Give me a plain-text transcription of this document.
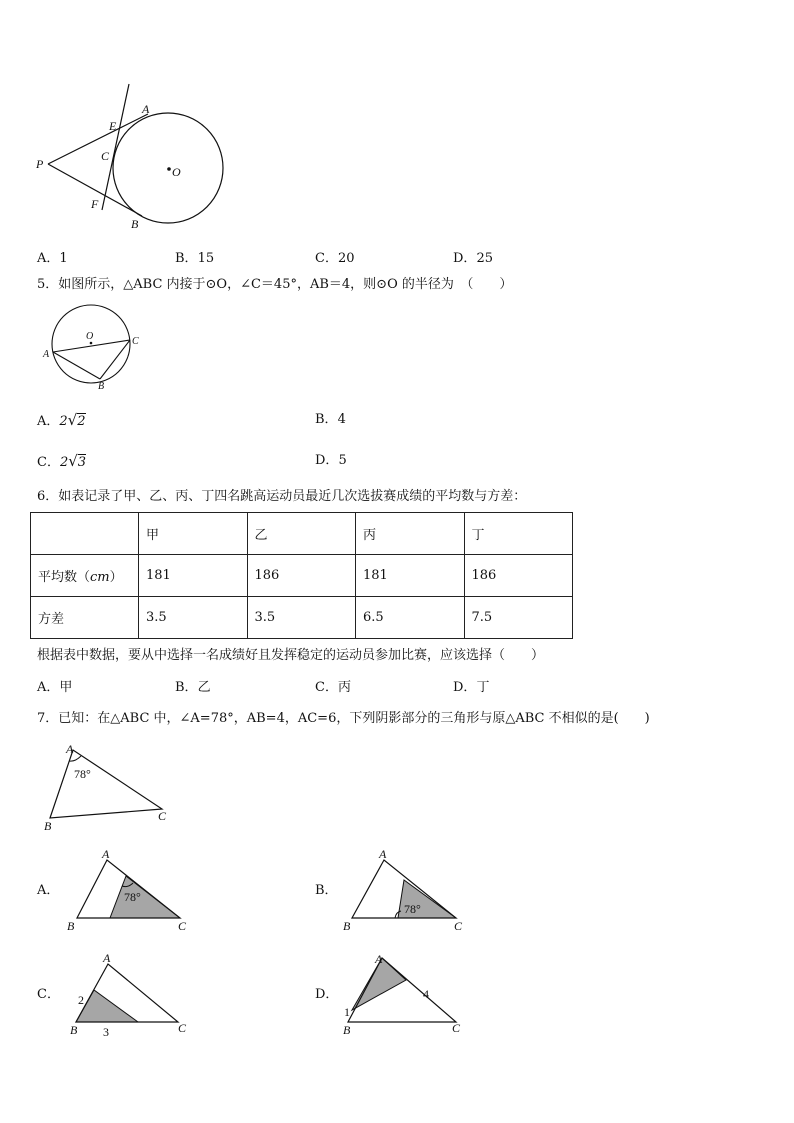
P
E
A
C
O
F
B
A．1	B．15	C．20	D．25
5．如图所示，△ABC 内接于⊙O，∠C＝45°，AB＝4，则⊙O 的半径为　（　　）
O	C
A
B
A．2√2	B．4
C．2√3	D．5
6．如表记录了甲、乙、丙、丁四名跳高运动员最近几次选拔赛成绩的平均数与方差：
	甲	乙	丙	丁
平均数（cm）	181	186	181	186
方差	3.5	3.5	6.5	7.5
根据表中数据，要从中选择一名成绩好且发挥稳定的运动员参加比赛，应该选择（　　）
A．甲	B．乙	C．丙	D．丁
7．已知：在△ABC 中，∠A=78°，AB=4，AC=6，下列阴影部分的三角形与原△ABC 不相似的是(　　)
A
B
C
78°
A．
A
B	C
78°	B．
A
B	C
78°
C．
A
B	C
2
3
D．
A
B	C
1
4
